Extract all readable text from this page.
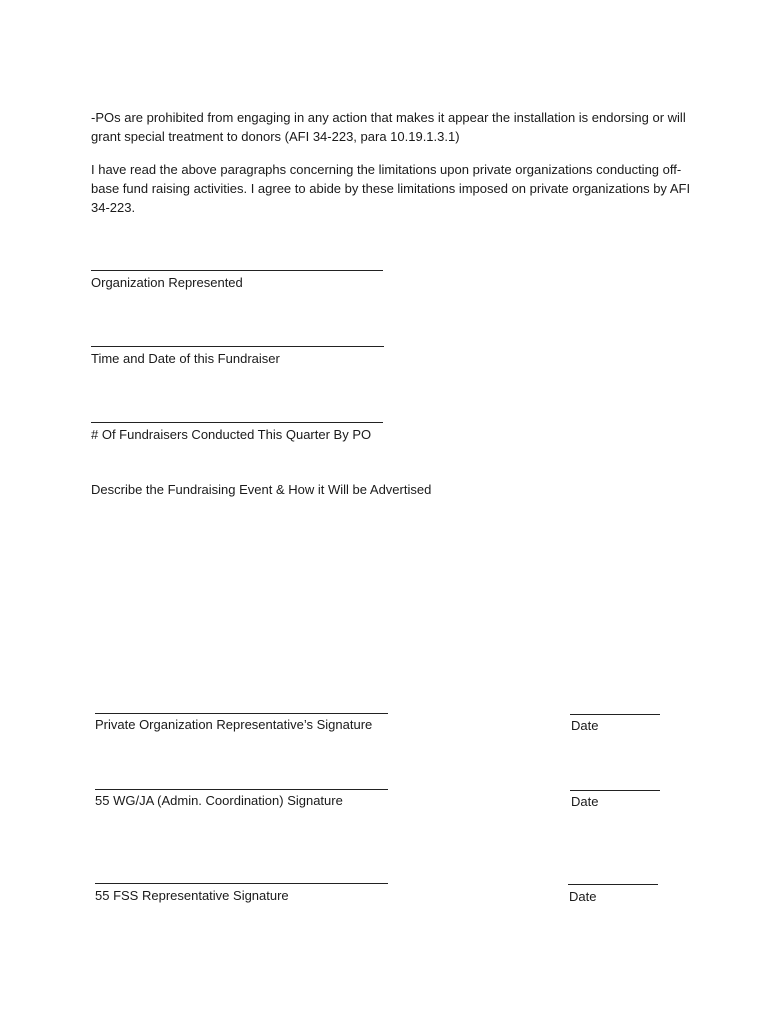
-POs are prohibited from engaging in any action that makes it appear the installation is endorsing or will grant special treatment to donors (AFI 34-223, para 10.19.1.3.1)

I have read the above paragraphs concerning the limitations upon private organizations conducting off-base fund raising activities. I agree to abide by these limitations imposed on private organizations by AFI 34-223.

Organization Represented
Time and Date of this Fundraiser
# Of Fundraisers Conducted This Quarter By PO
Describe the Fundraising Event & How it Will be Advertised
Private Organization Representative’s Signature	Date
55 WG/JA (Admin. Coordination) Signature	Date
55 FSS Representative Signature	Date
